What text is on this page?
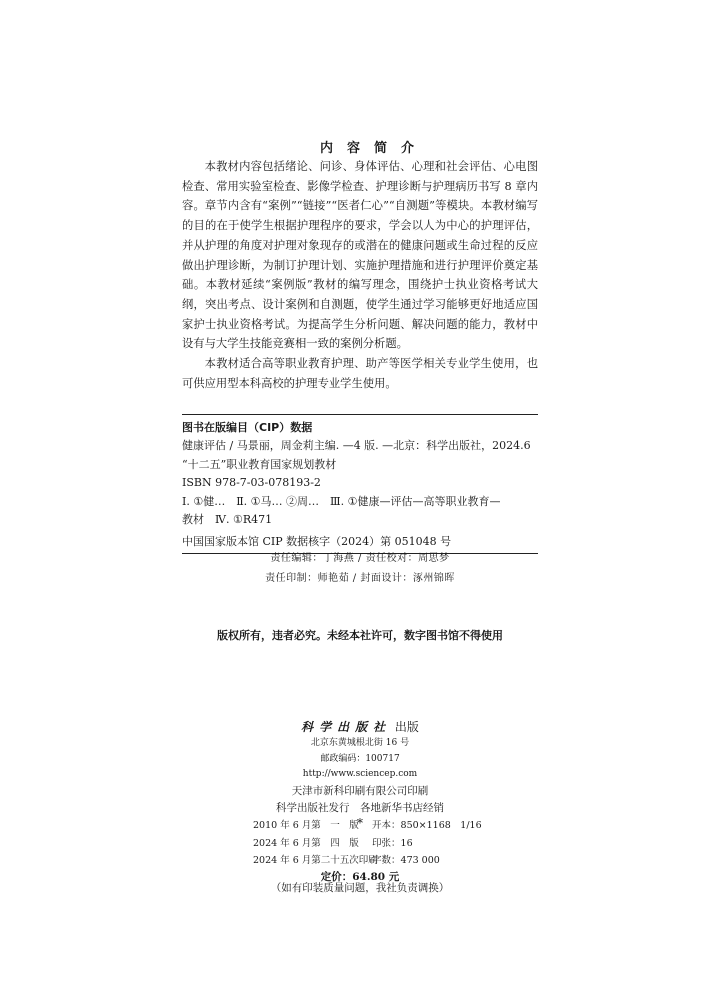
内容简介

本教材内容包括绪论、问诊、身体评估、心理和社会评估、心电图检查、常用实验室检查、影像学检查、护理诊断与护理病历书写 8 章内容。章节内含有“案例”“链接”“医者仁心”“自测题”等模块。本教材编写的目的在于使学生根据护理程序的要求，学会以人为中心的护理评估，并从护理的角度对护理对象现存的或潜在的健康问题或生命过程的反应做出护理诊断，为制订护理计划、实施护理措施和进行护理评价奠定基础。本教材延续“案例版”教材的编写理念，围绕护士执业资格考试大纲，突出考点、设计案例和自测题，使学生通过学习能够更好地适应国家护士执业资格考试。为提高学生分析问题、解决问题的能力，教材中设有与大学生技能竞赛相一致的案例分析题。

本教材适合高等职业教育护理、助产等医学相关专业学生使用，也可供应用型本科高校的护理专业学生使用。

图书在版编目（CIP）数据
健康评估 / 马景丽，周金莉主编. —4 版. —北京：科学出版社，2024.6
“十二五”职业教育国家规划教材
ISBN 978-7-03-078193-2
Ⅰ. ①健…　Ⅱ. ①马… ②周…　Ⅲ. ①健康—评估—高等职业教育—
教材　Ⅳ. ①R471
中国国家版本馆 CIP 数据核字（2024）第 051048 号
责任编辑：丁海燕 / 责任校对：周思梦
责任印制：师艳茹 / 封面设计：涿州锦晖
版权所有，违者必究。未经本社许可，数字图书馆不得使用
科学出版社 出版
北京东黄城根北街 16 号
邮政编码：100717
http://www.sciencep.com
天津市新科印刷有限公司印刷
科学出版社发行　各地新华书店经销
*
2010 年 6 月第　一　版 开本：850×1168　1/16
2024 年 6 月第　四　版 印张：16
2024 年 6 月第二十五次印刷 字数：473 000
定价：64.80 元
（如有印装质量问题，我社负责调换）
